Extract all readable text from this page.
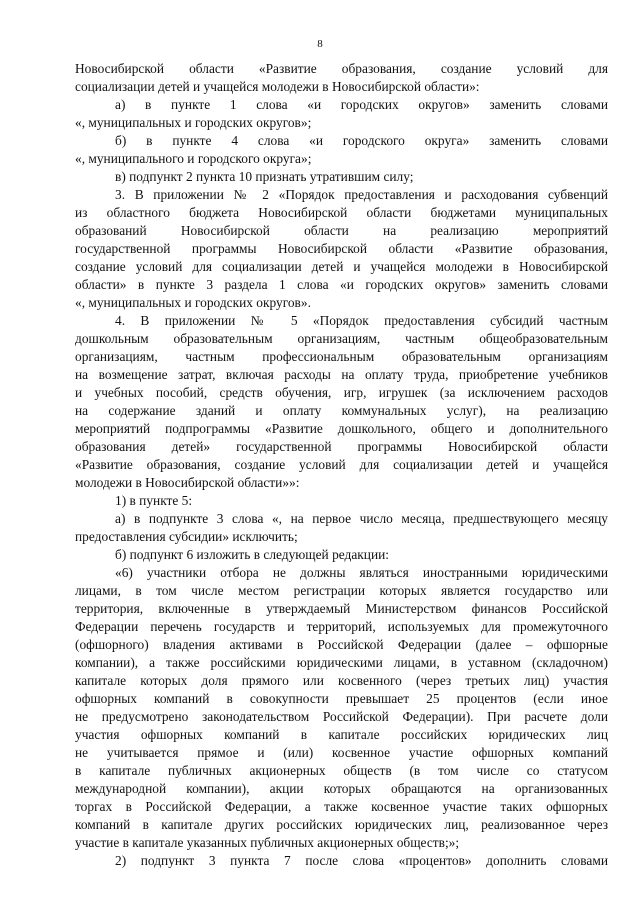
8
Новосибирской области «Развитие образования, создание условий для
социализации детей и учащейся молодежи в Новосибирской области»:
а) в пункте 1 слова «и городских округов» заменить словами
«, муниципальных и городских округов»;
б) в пункте 4 слова «и городского округа» заменить словами
«, муниципального и городского округа»;
в) подпункт 2 пункта 10 признать утратившим силу;
3. В приложении № 2 «Порядок предоставления и расходования субвенций
из областного бюджета Новосибирской области бюджетами муниципальных
образований Новосибирской области на реализацию мероприятий
государственной программы Новосибирской области «Развитие образования,
создание условий для социализации детей и учащейся молодежи в Новосибирской
области» в пункте 3 раздела 1 слова «и городских округов» заменить словами
«, муниципальных и городских округов».
4. В приложении № 5 «Порядок предоставления субсидий частным
дошкольным образовательным организациям, частным общеобразовательным
организациям, частным профессиональным образовательным организациям
на возмещение затрат, включая расходы на оплату труда, приобретение учебников
и учебных пособий, средств обучения, игр, игрушек (за исключением расходов
на содержание зданий и оплату коммунальных услуг), на реализацию
мероприятий подпрограммы «Развитие дошкольного, общего и дополнительного
образования детей» государственной программы Новосибирской области
«Развитие образования, создание условий для социализации детей и учащейся
молодежи в Новосибирской области»»:
1) в пункте 5:
а) в подпункте 3 слова «, на первое число месяца, предшествующего месяцу
предоставления субсидии» исключить;
б) подпункт 6 изложить в следующей редакции:
«6) участники отбора не должны являться иностранными юридическими
лицами, в том числе местом регистрации которых является государство или
территория, включенные в утверждаемый Министерством финансов Российской
Федерации перечень государств и территорий, используемых для промежуточного
(офшорного) владения активами в Российской Федерации (далее – офшорные
компании), а также российскими юридическими лицами, в уставном (складочном)
капитале которых доля прямого или косвенного (через третьих лиц) участия
офшорных компаний в совокупности превышает 25 процентов (если иное
не предусмотрено законодательством Российской Федерации). При расчете доли
участия офшорных компаний в капитале российских юридических лиц
не учитывается прямое и (или) косвенное участие офшорных компаний
в капитале публичных акционерных обществ (в том числе со статусом
международной компании), акции которых обращаются на организованных
торгах в Российской Федерации, а также косвенное участие таких офшорных
компаний в капитале других российских юридических лиц, реализованное через
участие в капитале указанных публичных акционерных обществ;»;
2) подпункт 3 пункта 7 после слова «процентов» дополнить словами
